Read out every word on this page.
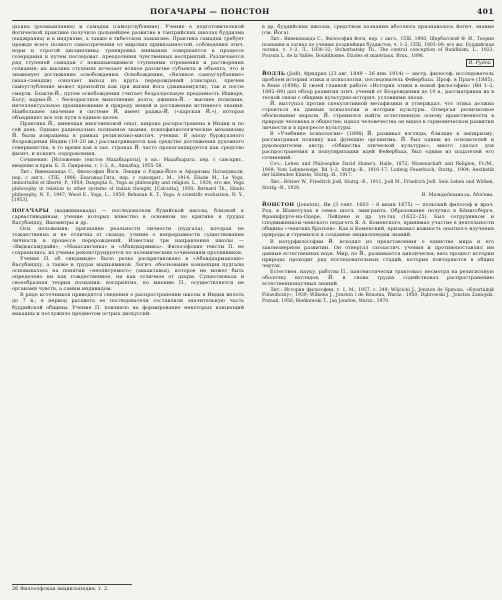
ПОГАЧАРЫ — ПОНСТОН	401

дхьяна (размышление) и самадхи (самоуглубление). Учение о подготовительной йогической практике получило дальнейшее развитие в тантрийских школах буддизма (ваджраяна) и в индуизме, а также в тибетском ламаизме. Практика самадхи требует прежде всего полного самоотречения от мирских привязанностей, соблюдения этич. норм и строгой дисциплины; тренировка внимания совершается в процессе созерцания и путем последоват. преодоления чувственных восприятий. Различаются ряд ступеней самадхи с повышающимися ступенями отрешения и растворения сознания: на высших ступенях исчезает всякое различие субъекта и объекта, что и знаменует достижение освобождения. Освобождение, «Великое самоуглубление» (маха-самадхи) означает выход из круга перерождений (сансары), причем самоуглубление может произойти как при жизни йога (дживанмукти), так и после смерти. Бхакти-Й., путем освобождения считает безраздельную преданность Ишваре, Богу; карма-Й. – бескорыстное выполнение долга; джняна-Й. – высшее познание, интеллектуальное проникновение в природу вещей и достижение истинного знания. Наибольшее значение в системе Й. имеет раджа-Й. («царская Й.»), которая объединяет все эти пути в единое целое.

Практика Й., имеющая многовековой опыт, широко распространена в Индии и по сей день. Однако рационально познанное знание, психофизиологические механизмы Й. были извращены в рамках религиозно-мистич. учения. В эпоху буржуазного Возрождения Индии (19–20 вв.) рассматриваются как средство достижения духовного совершенства, в то время как в зап. странах Й. часто пропагандируется как средство физич. и психич. оздоровления.

Сочинения: [Изложение текстов Махабхараты], в кн.: Махабхарата, пер. с санскрит., введение и прим. Б. Л. Смирнова, т. 1–2, А., Ашхабад, 1955–58.

Лит.: Вивекананда С., Философия Йоги. Лекции о Раджа-Йоге и Афоризмы Патанджали, пер. с англ., СПБ, 1906; Бхагавад-Гита, пер. с санскрит., М., 1914; Eliade M., Le Yoga, immortalité et liberté, P., 1954; Dasgupta S., Yoga as philosophy and religion, L., 1924; его же, Yoga philosophy in relation to other systems of Indian thought, [Calcutta], 1930; Bernard Th., Hindu philosophy, N. Y., 1947; Wood E., Yoga, L., 1959; Behanan K. T., Yoga. A scientific evaluation, N. Y., [1953].

ПОГАЧАРЫ (ваджиинавада) — последователи будийской школы, близкой к сарвастивадинам, учение которых известно в основном по критике в трудах Васубандху, Яшомитры и др.

Осн. положения: признание реальности личности (пудгала), которая не тождественна и не отлична от скандх; учение о непрерывности существования личности в процессе перерождений. Известны три направления школы — «Видьясамудайя», «Махасангхика» и «Абхидхармика». Философские тексты П. не сохранились, их учение реконструируется по полемическим сочинениям противников.

Учение П. об «индивиде» было резко раскритиковано в «Абхидхармакоше» Васубандху, а также в трудах мадхьямиков. Логич. обоснование концепции пудгалы основывалось на понятии «неописуемого» (аваактавья), которое не может быть определено ни как тождественное, ни как отличное от дхарм. Существовала и своеобразная теория познания: восприятие, по мнению П., осуществляется не органами чувств, а самим индивидом.

В ряде источников приводятся сведения о распространении школы в Индии вплоть до 7 в.; в период расцвета ее последователи составляли значительную часть буддийской общины. Учение П. повлияло на формирование некоторых концепций махаяны и послужило предметом острых дискуссий.

в др. буддийских школах, средством познания абсолюта признавалось йогич. знание (см. Йога).

Лит.: Вивекананда С., Философия йоги, пер. с англ., СПБ, 1906; Щербатской Ф. И., Теория познания и логика по учению позднейших буддистов, ч. 1–2, СПБ, 1903–09; его же, Буддийская логика, т. 1–2, Л., 1930–32; Stcherbatsky Th., The central conception of Buddhism, L., 1923; Poussin L. de la Vallée, Bouddhisme. Études et matériaux, Brux., 1898.

В. Рудой

ЙОДЛЬ (Jodl), Фридрих (23 авг. 1849 – 26 янв. 1914) — австр. философ, исследователь проблем истории этики и психологии, последователь Фейербаха. Проф. в Праге (1885), в Вене (1896). В своей главной работе «История этики в новой философии» (Bd 1–2, 1882–89) дал обзор развития этич. учений от Возрождения до 19 в., рассматривая их в тесной связи с общими культурно-историч. условиями эпохи.

Й. выступал против спекулятивной метафизики и утверждал, что этика должна строиться на данных психологии и истории культуры. Отвергая религиозное обоснование морали, Й. стремился найти естественную основу нравственности в природе человека и обществе; идеал человечества он видел в гармоническом развитии личности и в прогрессе культуры.

В «Учебнике психологии» (1896) Й. развивал взгляды, близкие к эмпиризму, рассматривая психику как функцию организма. Й. был одним из основателей и руководителем австр. «Общества этической культуры»; много сделал для распространения и популяризации идей Фейербаха, был одним из издателей его сочинений.

Соч.: Leben und Philosophie David Hume's, Halle, 1872; Wissenschaft und Religion, Fr./M., 1909; Vom Lebenswege, Bd 1–2, Stuttg.–B., 1916–17; Ludwig Feuerbach, Stuttg., 1904; Aesthetik der bildenden Künste, Stuttg.–B., 1917.

Лит.: Börner W., Friedrich Jodl, Stuttg.–B., 1911; Jodl M., Friedrich Jodl. Sein Leben und Wirken, Stuttg.–B., 1920.

В. Мамардашвили. Москва.

ЙОНСТОН (Jonston), Ян (3 сент. 1603 – 8 июня 1675) — польский философ и врач. Род. в Шамотулах в семье шотл. эмигранта. Образование получил в Кёнигсберге, Франкфурте-на-Одере, Лейдене и др. ун-тах (1622–25). Был сотрудником и сподвижником чешского педагога Я. А. Коменского, принимал участие в деятельности общины «чешских братьев». Как и Коменский, признавал важность опытного изучения природы и стремился к созданию энциклопедии знаний.

В натурфилософии Й. исходил из представления о единстве мира и его закономерном развитии. Он отвергал схоластич. учения и противопоставлял им данные естественных наук. Мир, по Й., развивается циклически; весь процесс истории природы проходит ряд последовательных стадий, которые повторяются в общих чертах.

Естествен. науку, рабства П., пантеистически трактовал; несмотря на религиозную оболочку взглядов, Й. в своих трудах содействовал распространению естественнонаучных знаний.

Лит.: История философии, т. 1, М., 1957, с. 349; Wójcicki J., Jonston de Spinoza, «Kwartalnik Filozoficzny», 1939; Wilkens J., Jonston i de Bononia, Warsz., 1950; Dąbrowski J., Jonston Zamojski, Poznań, 1956; Bieńkowski T., Jan Jonston, Warsz., 1970.

26 Философская энциклопедия, т. 2.
